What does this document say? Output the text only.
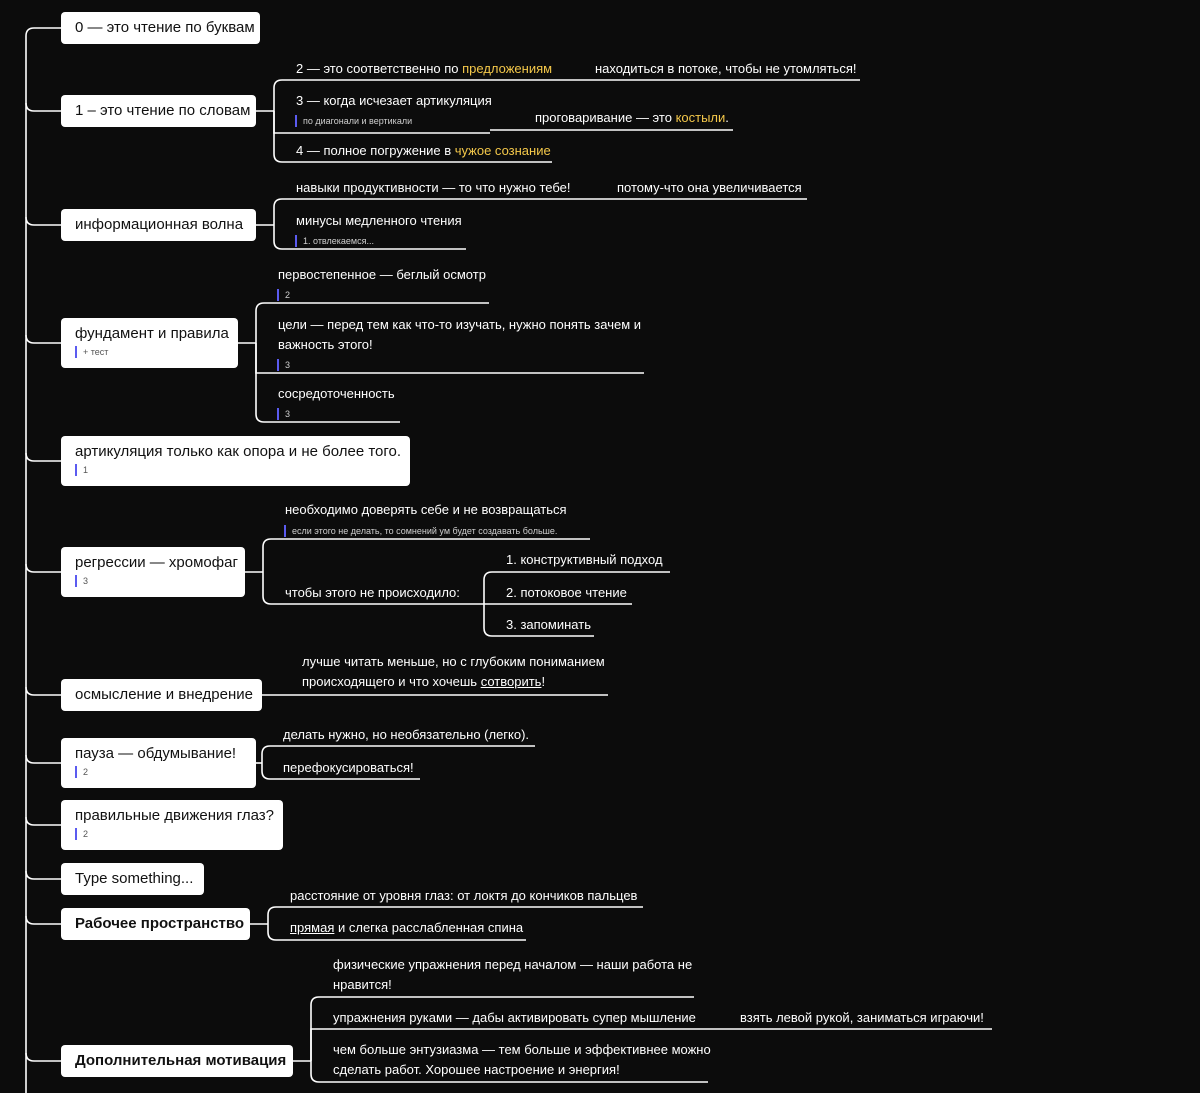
0 — это чтение по буквам
1 – это чтение по словам
информационная волна
фундамент и правила
+ тест
артикуляция только как опора и не более того.
1
регрессии — хромофаг
3
осмысление и внедрение
пауза — обдумывание!
2
правильные движения глаз?
2
Type something...
Рабочее пространство
Дополнительная мотивация
2 — это соответственно по предложениям	находиться в потоке, чтобы не утомляться!
3 — когда исчезает артикуляция
по диагонали и вертикали	проговаривание — это костыли.
4 — полное погружение в чужое сознание
навыки продуктивности — то что нужно тебе!	потому-что она увеличивается
минусы медленного чтения
1. отвлекаемся...
первостепенное — беглый осмотр
2
цели — перед тем как что-то изучать, нужно понять зачем и важность этого!
3
сосредоточенность
3
необходимо доверять себе и не возвращаться
если этого не делать, то сомнений ум будет создавать больше.
чтобы этого не происходило:
1. конструктивный подход
2. потоковое чтение
3. запоминать
лучше читать меньше, но с глубоким пониманием происходящего и что хочешь сотворить!
делать нужно, но необязательно (легко).
перефокусироваться!
расстояние от уровня глаз: от локтя до кончиков пальцев
прямая и слегка расслабленная спина
физические упражнения перед началом — наши работа не нравится!
упражнения руками — дабы активировать супер мышление	взять левой рукой, заниматься играючи!
чем больше энтузиазма — тем больше и эффективнее можно сделать работ. Хорошее настроение и энергия!
